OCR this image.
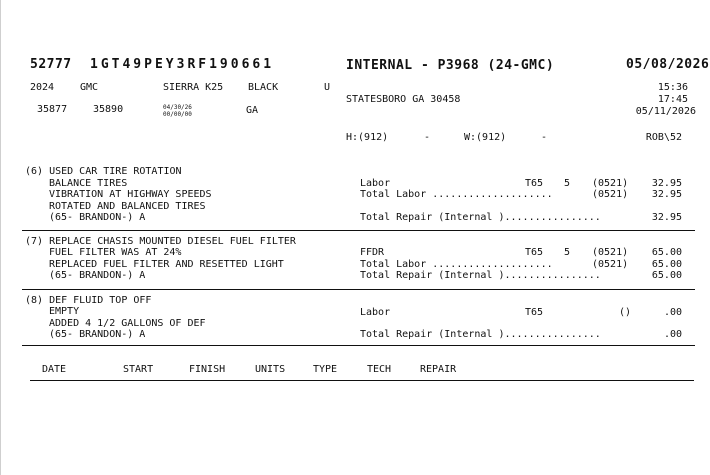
52777 1GT49PEY3RF190661	INTERNAL - P3968 (24-GMC)	05/08/2026
2024	GMC	SIERRA K25 BLACK	U	15:36
17:45
STATESBORO GA 30458
35877	35890	04/30/26
00/00/00	GA	05/11/2026
H:(912)	-	W:(912)	-	ROB\52
(6) USED CAR TIRE ROTATION
BALANCE TIRES
VIBRATION AT HIGHWAY SPEEDS
ROTATED AND BALANCED TIRES
(65- BRANDON-) A
Labor	T65 5 (0521)	32.95
Total Labor ....................	(0521)	32.95
Total Repair (Internal )................	32.95
(7) REPLACE CHASIS MOUNTED DIESEL FUEL FILTER
FUEL FILTER WAS AT 24%
REPLACED FUEL FILTER AND RESETTED LIGHT
(65- BRANDON-) A
FFDR	T65 5 (0521)	65.00
Total Labor ....................	(0521)	65.00
Total Repair (Internal )................	65.00
(8) DEF FLUID TOP OFF
EMPTY
ADDED 4 1/2 GALLONS OF DEF
(65- BRANDON-) A
Labor	T65	()	.00
Total Repair (Internal )................	.00
DATE	START	FINISH	UNITS	TYPE	TECH	REPAIR
